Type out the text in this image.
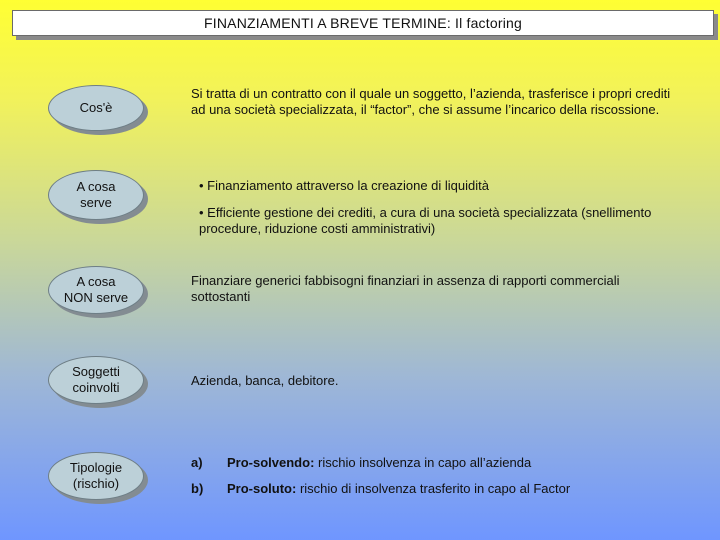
FINANZIAMENTI A BREVE TERMINE: Il factoring
Cos'è
Si tratta di un contratto con il quale un soggetto, l’azienda, trasferisce i propri crediti ad una società specializzata, il “factor”, che si assume l’incarico della riscossione.
A cosa serve
• Finanziamento attraverso la creazione di liquidità
• Efficiente gestione dei crediti, a cura di una società specializzata (snellimento procedure, riduzione costi amministrativi)
A cosa NON serve
Finanziare generici fabbisogni finanziari in assenza di rapporti commerciali sottostanti
Soggetti coinvolti	Azienda, banca, debitore.
Tipologie (rischio)
a)	Pro-solvendo: rischio insolvenza in capo all’azienda
b)	Pro-soluto: rischio di insolvenza trasferito in capo al Factor
